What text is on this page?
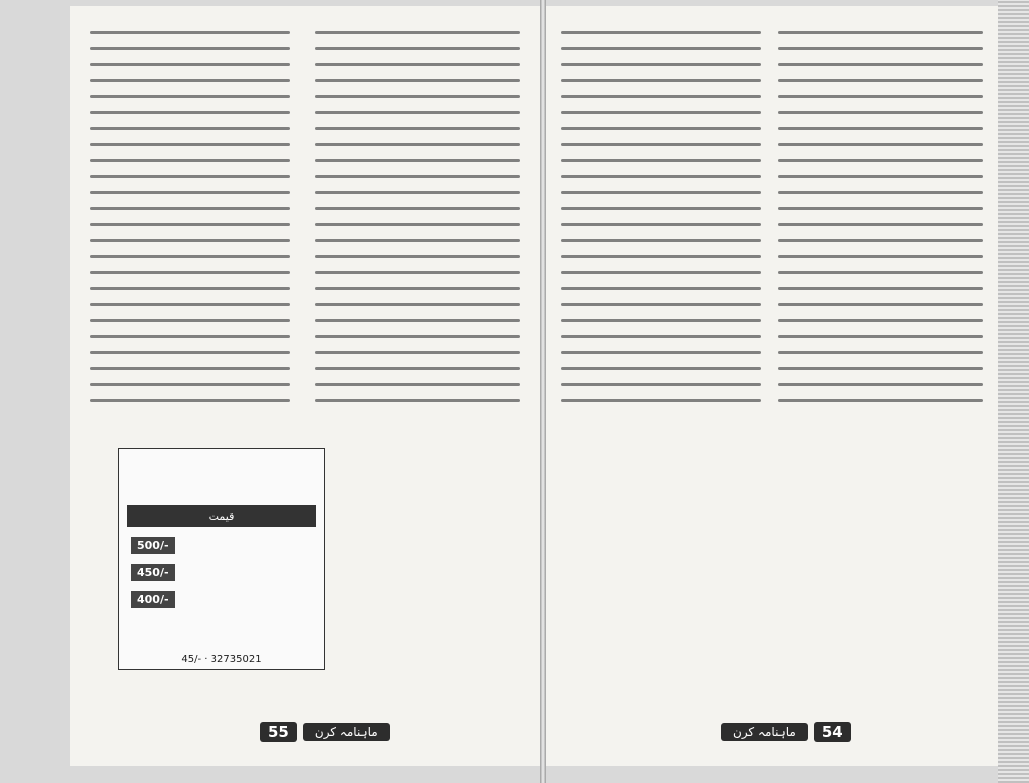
55	ماہنامہ کرن
قیمت
500/-
450/-
400/-
45/- · 32735021
ماہنامہ کرن	54
